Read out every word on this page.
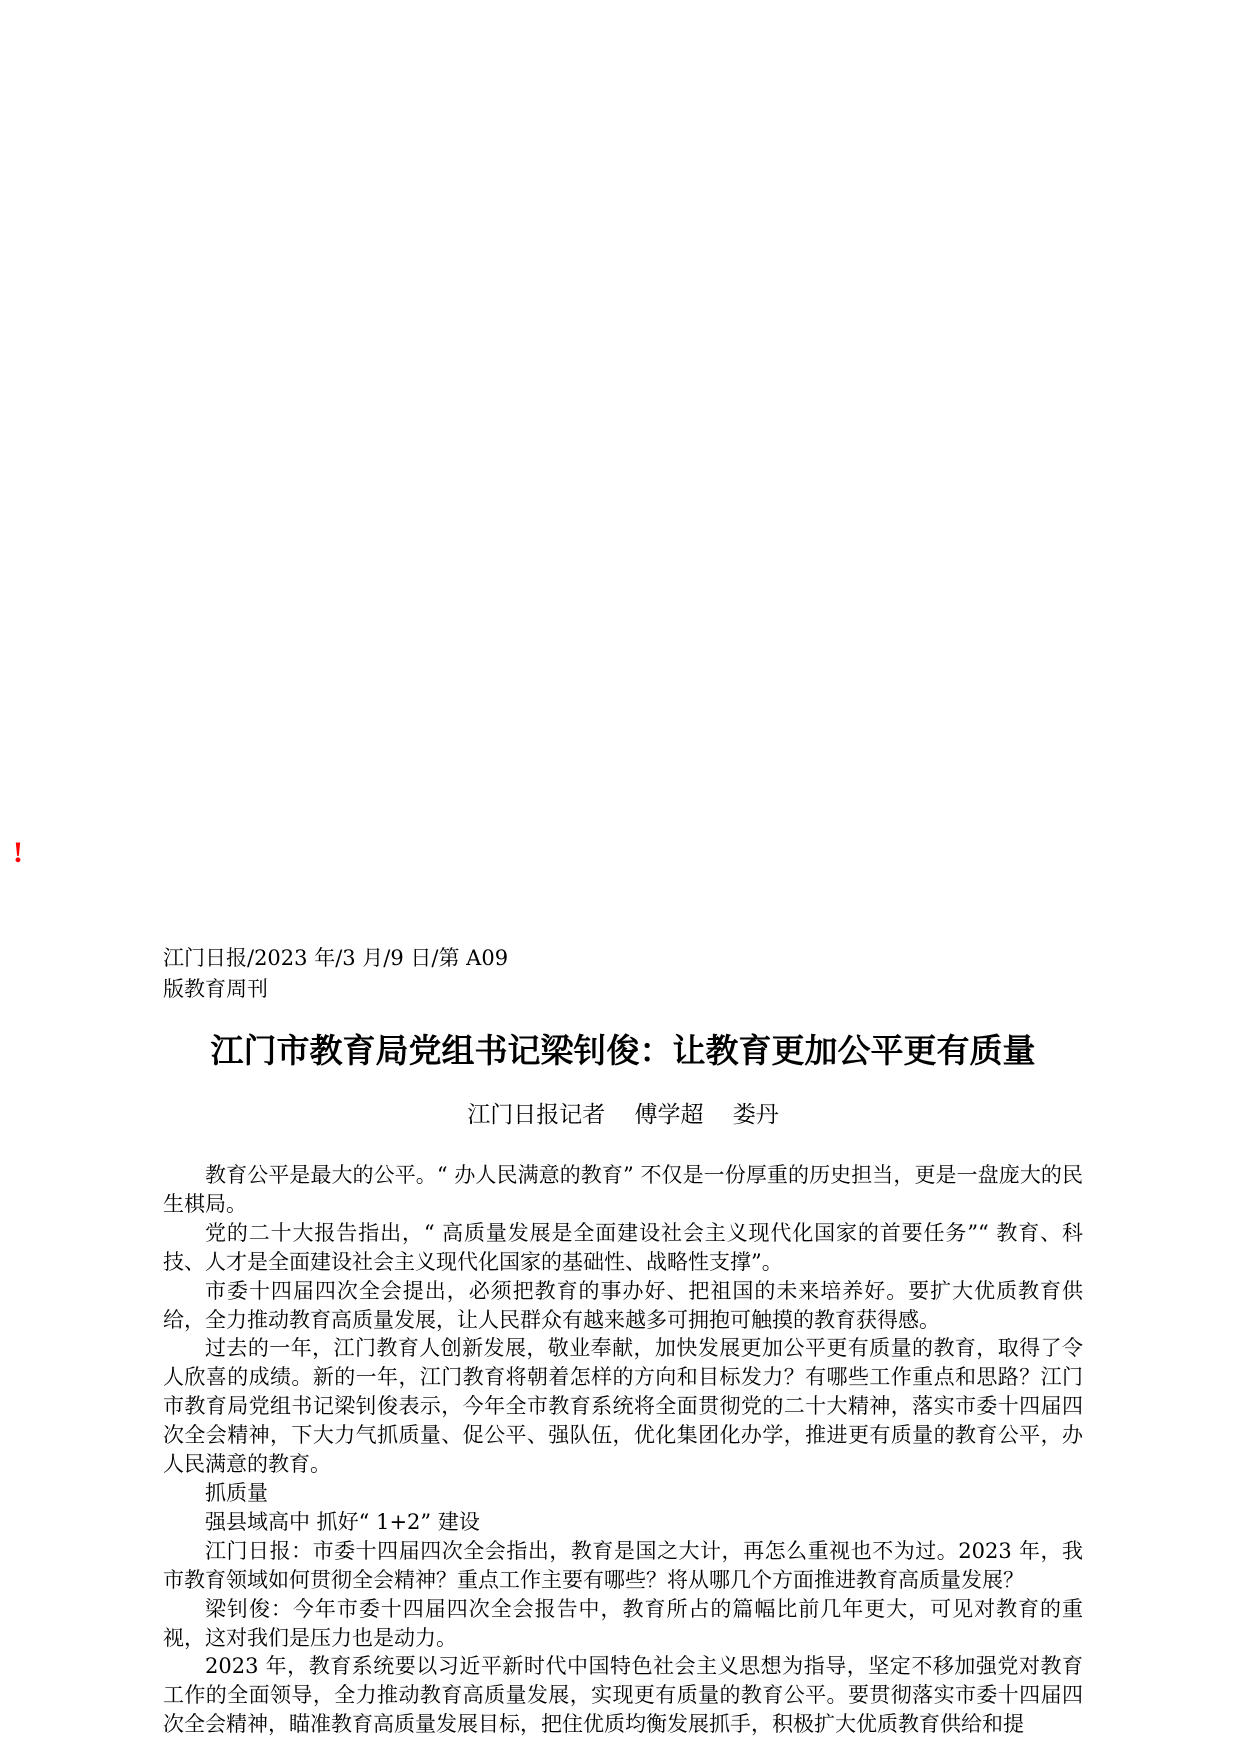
!
江门日报/2023 年/3 月/9 日/第 A09
版教育周刊
江门市教育局党组书记梁钊俊：让教育更加公平更有质量
江门日报记者    傅学超    娄丹

教育公平是最大的公平。“ 办人民满意的教育” 不仅是一份厚重的历史担当，更是一盘庞大的民生棋局。

党的二十大报告指出，“ 高质量发展是全面建设社会主义现代化国家的首要任务”“ 教育、科技、人才是全面建设社会主义现代化国家的基础性、战略性支撑”。

市委十四届四次全会提出，必须把教育的事办好、把祖国的未来培养好。要扩大优质教育供给，全力推动教育高质量发展，让人民群众有越来越多可拥抱可触摸的教育获得感。

过去的一年，江门教育人创新发展，敬业奉献，加快发展更加公平更有质量的教育，取得了令人欣喜的成绩。新的一年，江门教育将朝着怎样的方向和目标发力？有哪些工作重点和思路？江门市教育局党组书记梁钊俊表示，今年全市教育系统将全面贯彻党的二十大精神，落实市委十四届四次全会精神，下大力气抓质量、促公平、强队伍，优化集团化办学，推进更有质量的教育公平，办人民满意的教育。

抓质量

强县域高中 抓好“ 1+2” 建设

江门日报：市委十四届四次全会指出，教育是国之大计，再怎么重视也不为过。2023 年，我市教育领域如何贯彻全会精神？重点工作主要有哪些？将从哪几个方面推进教育高质量发展？

梁钊俊：今年市委十四届四次全会报告中，教育所占的篇幅比前几年更大，可见对教育的重视，这对我们是压力也是动力。

2023 年，教育系统要以习近平新时代中国特色社会主义思想为指导，坚定不移加强党对教育工作的全面领导，全力推动教育高质量发展，实现更有质量的教育公平。要贯彻落实市委十四届四次全会精神，瞄准教育高质量发展目标，把住优质均衡发展抓手，积极扩大优质教育供给和提
